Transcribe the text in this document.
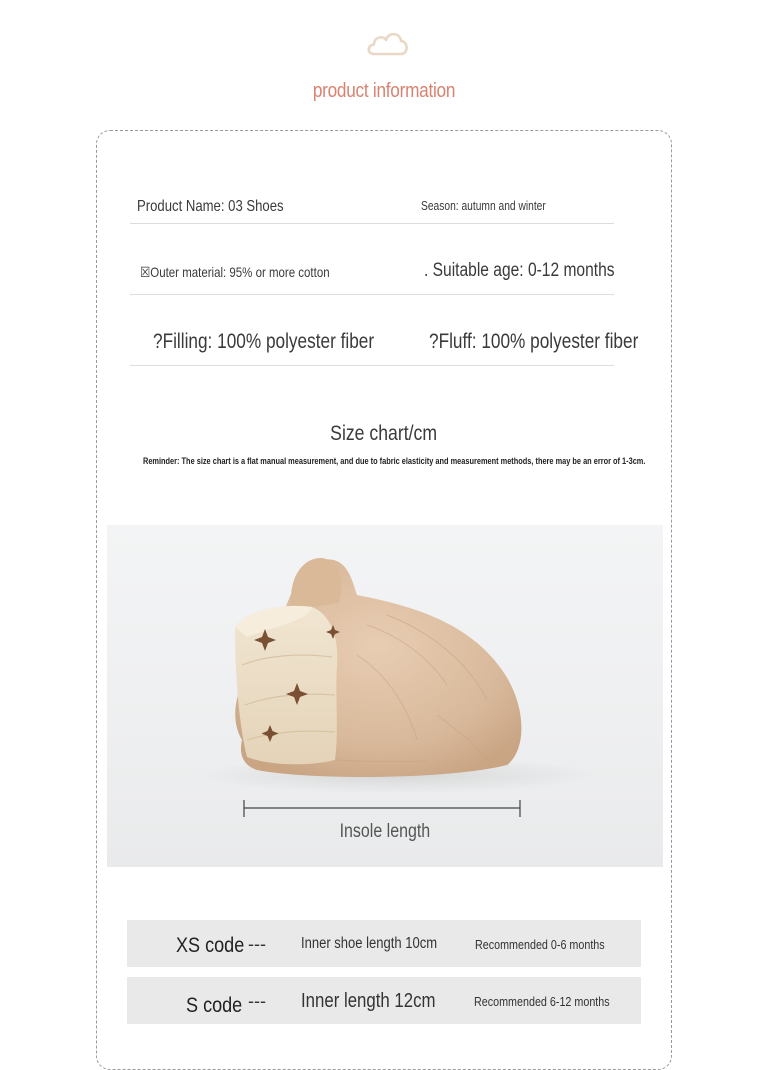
product information
Product Name: 03 Shoes	Season: autumn and winter
☒Outer material: 95% or more cotton	. Suitable age: 0-12 months
?Filling: 100% polyester fiber	?Fluff: 100% polyester fiber
Size chart/cm
Reminder: The size chart is a flat manual measurement, and due to fabric elasticity and measurement methods, there may be an error of 1-3cm.
Insole length
XS code --- Inner shoe length 10cm	Recommended 0-6 months
S code --- Inner length 12cm	Recommended 6-12 months
